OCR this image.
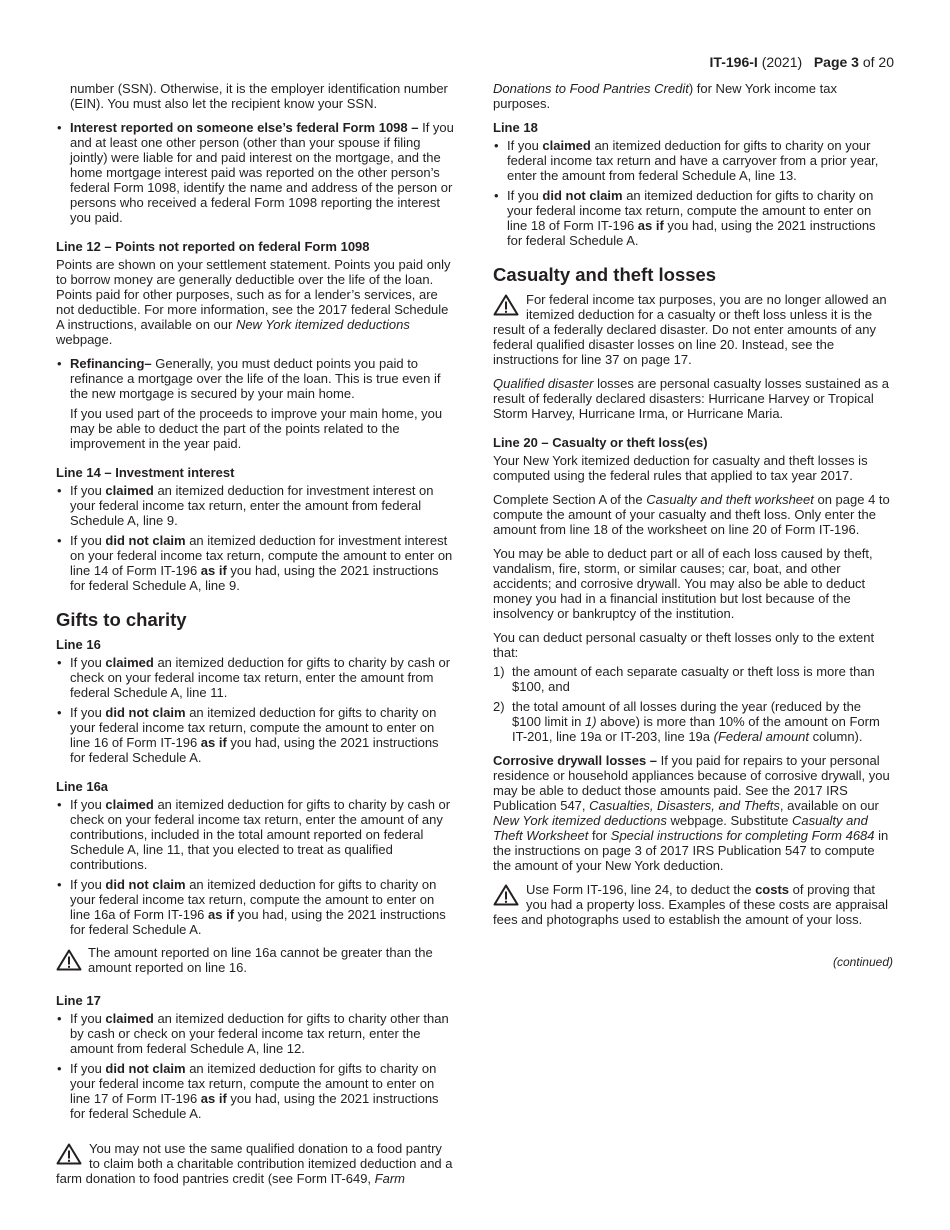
IT-196-I (2021) Page 3 of 20

number (SSN). Otherwise, it is the employer identification number (EIN). You must also let the recipient know your SSN.

• Interest reported on someone else’s federal Form 1098 – If you and at least one other person (other than your spouse if filing jointly) were liable for and paid interest on the mortgage, and the home mortgage interest paid was reported on the other person’s federal Form 1098, identify the name and address of the person or persons who received a federal Form 1098 reporting the interest you paid.
Line 12 – Points not reported on federal Form 1098

Points are shown on your settlement statement. Points you paid only to borrow money are generally deductible over the life of the loan. Points paid for other purposes, such as for a lender’s services, are not deductible. For more information, see the 2017 federal Schedule A instructions, available on our New York itemized deductions webpage.

• Refinancing– Generally, you must deduct points you paid to refinance a mortgage over the life of the loan. This is true even if the new mortgage is secured by your main home.

If you used part of the proceeds to improve your main home, you may be able to deduct the part of the points related to the improvement in the year paid.

Line 14 – Investment interest
• If you claimed an itemized deduction for investment interest on your federal income tax return, enter the amount from federal Schedule A, line 9.
• If you did not claim an itemized deduction for investment interest on your federal income tax return, compute the amount to enter on line 14 of Form IT-196 as if you had, using the 2021 instructions for federal Schedule A, line 9.
Gifts to charity
Line 16
• If you claimed an itemized deduction for gifts to charity by cash or check on your federal income tax return, enter the amount from federal Schedule A, line 11.
• If you did not claim an itemized deduction for gifts to charity on your federal income tax return, compute the amount to enter on line 16 of Form IT-196 as if you had, using the 2021 instructions for federal Schedule A.
Line 16a
• If you claimed an itemized deduction for gifts to charity by cash or check on your federal income tax return, enter the amount of any contributions, included in the total amount reported on federal Schedule A, line 11, that you elected to treat as qualified contributions.
• If you did not claim an itemized deduction for gifts to charity on your federal income tax return, compute the amount to enter on line 16a of Form IT-196 as if you had, using the 2021 instructions for federal Schedule A.
The amount reported on line 16a cannot be greater than the amount reported on line 16.
Line 17
• If you claimed an itemized deduction for gifts to charity other than by cash or check on your federal income tax return, enter the amount from federal Schedule A, line 12.
• If you did not claim an itemized deduction for gifts to charity on your federal income tax return, compute the amount to enter on line 17 of Form IT-196 as if you had, using the 2021 instructions for federal Schedule A.
You may not use the same qualified donation to a food pantry to claim both a charitable contribution itemized deduction and a farm donation to food pantries credit (see Form IT-649, Farm

Donations to Food Pantries Credit) for New York income tax purposes.

Line 18
• If you claimed an itemized deduction for gifts to charity on your federal income tax return and have a carryover from a prior year, enter the amount from federal Schedule A, line 13.
• If you did not claim an itemized deduction for gifts to charity on your federal income tax return, compute the amount to enter on line 18 of Form IT-196 as if you had, using the 2021 instructions for federal Schedule A.
Casualty and theft losses
For federal income tax purposes, you are no longer allowed an itemized deduction for a casualty or theft loss unless it is the result of a federally declared disaster. Do not enter amounts of any federal qualified disaster losses on line 20. Instead, see the instructions for line 37 on page 17.

Qualified disaster losses are personal casualty losses sustained as a result of federally declared disasters: Hurricane Harvey or Tropical Storm Harvey, Hurricane Irma, or Hurricane Maria.

Line 20 – Casualty or theft loss(es)

Your New York itemized deduction for casualty and theft losses is computed using the federal rules that applied to tax year 2017.

Complete Section A of the Casualty and theft worksheet on page 4 to compute the amount of your casualty and theft loss. Only enter the amount from line 18 of the worksheet on line 20 of Form IT-196.

You may be able to deduct part or all of each loss caused by theft, vandalism, fire, storm, or similar causes; car, boat, and other accidents; and corrosive drywall. You may also be able to deduct money you had in a financial institution but lost because of the insolvency or bankruptcy of the institution.

You can deduct personal casualty or theft losses only to the extent that:

1) the amount of each separate casualty or theft loss is more than $100, and
2) the total amount of all losses during the year (reduced by the $100 limit in 1) above) is more than 10% of the amount on Form IT-201, line 19a or IT-203, line 19a (Federal amount column).

Corrosive drywall losses – If you paid for repairs to your personal residence or household appliances because of corrosive drywall, you may be able to deduct those amounts paid. See the 2017 IRS Publication 547, Casualties, Disasters, and Thefts, available on our New York itemized deductions webpage. Substitute Casualty and Theft Worksheet for Special instructions for completing Form 4684 in the instructions on page 3 of 2017 IRS Publication 547 to compute the amount of your New York deduction.

Use Form IT-196, line 24, to deduct the costs of proving that you had a property loss. Examples of these costs are appraisal fees and photographs used to establish the amount of your loss.
(continued)
